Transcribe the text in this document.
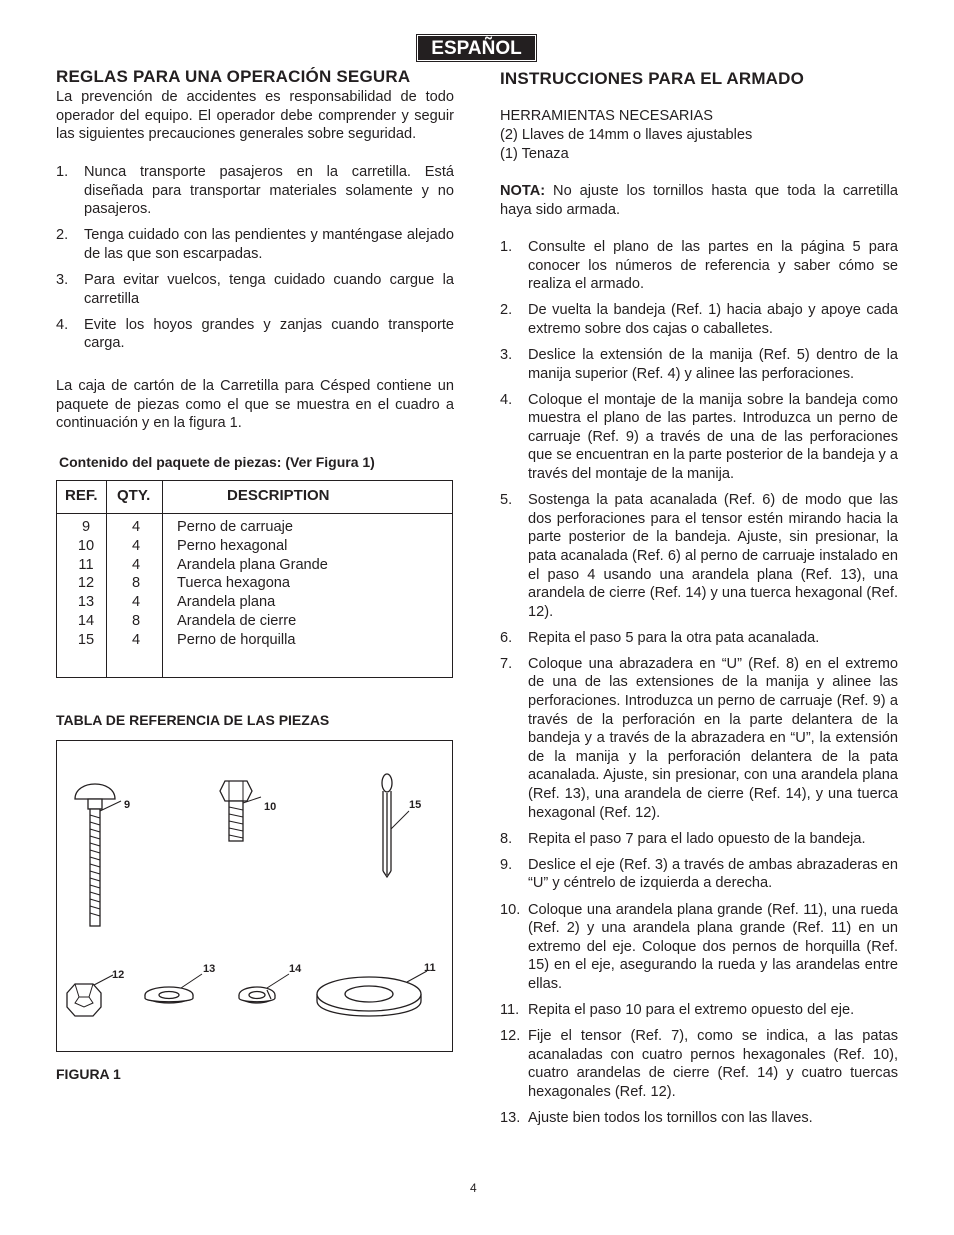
ESPAÑOL
REGLAS PARA UNA OPERACIÓN SEGURA
La prevención de accidentes es responsabilidad de todo operador del equipo. El operador debe comprender y seguir las siguientes precauciones generales sobre seguridad.
1. Nunca transporte pasajeros en la carretilla. Está diseñada para transportar materiales solamente y no pasajeros.
2. Tenga cuidado con las pendientes y manténgase alejado de las que son escarpadas.
3. Para evitar vuelcos, tenga cuidado cuando cargue la carretilla
4. Evite los hoyos grandes y zanjas cuando transporte carga.
La caja de cartón de la Carretilla para Césped contiene un paquete de piezas como el que se muestra en el cuadro a continuación y en la figura 1.
Contenido del paquete de piezas: (Ver Figura 1)
REF. QTY.	DESCRIPTION
9	4	Perno de carruaje
10	4	Perno hexagonal
11	4	Arandela plana Grande
12	8	Tuerca hexagona
13	4	Arandela plana
14	8	Arandela de cierre
15	4	Perno de horquilla
TABLA DE REFERENCIA DE LAS PIEZAS
9	10	15
12	13	14	11
FIGURA 1
INSTRUCCIONES PARA EL ARMADO
HERRAMIENTAS NECESARIAS
(2) Llaves de 14mm o llaves ajustables
(1) Tenaza
NOTA: No ajuste los tornillos hasta que toda la carretilla haya sido armada.
1. Consulte el plano de las partes en la página 5 para conocer los números de referencia y saber cómo se realiza el armado.
2. De vuelta la bandeja (Ref. 1) hacia abajo y apoye cada extremo sobre dos cajas o caballetes.
3. Deslice la extensión de la manija (Ref. 5) dentro de la manija superior (Ref. 4) y alinee las perforaciones.
4. Coloque el montaje de la manija sobre la bandeja como muestra el plano de las partes. Introduzca un perno de carruaje (Ref. 9) a través de una de las perforaciones que se encuentran en la parte posterior de la bandeja y a través del montaje de la manija.
5. Sostenga la pata acanalada (Ref. 6) de modo que las dos perforaciones para el tensor estén mirando hacia la parte posterior de la bandeja. Ajuste, sin presionar, la pata acanalada (Ref. 6) al perno de carruaje instalado en el paso 4 usando una arandela plana (Ref. 13), una arandela de cierre (Ref. 14) y una tuerca hexagonal (Ref. 12).
6. Repita el paso 5 para la otra pata acanalada.
7. Coloque una abrazadera en “U” (Ref. 8) en el extremo de una de las extensiones de la manija y alinee las perforaciones. Introduzca un perno de carruaje (Ref. 9) a través de la perforación en la parte delantera de la bandeja y a través de la abrazadera en “U”, la extensión de la manija y la perforación delantera de la pata acanalada. Ajuste, sin presionar, con una arandela plana (Ref. 13), una arandela de cierre (Ref. 14), y una tuerca hexagonal (Ref. 12).
8. Repita el paso 7 para el lado opuesto de la bandeja.
9. Deslice el eje (Ref. 3) a través de ambas abrazaderas en “U” y céntrelo de izquierda a derecha.
10. Coloque una arandela plana grande (Ref. 11), una rueda (Ref. 2) y una arandela plana grande (Ref. 11) en un extremo del eje. Coloque dos pernos de horquilla (Ref. 15) en el eje, asegurando la rueda y las arandelas entre ellas.
11. Repita el paso 10 para el extremo opuesto del eje.
12. Fije el tensor (Ref. 7), como se indica, a las patas acanaladas con cuatro pernos hexagonales (Ref. 10), cuatro arandelas de cierre (Ref. 14) y cuatro tuercas hexagonales (Ref. 12).
13. Ajuste bien todos los tornillos con las llaves.
4
